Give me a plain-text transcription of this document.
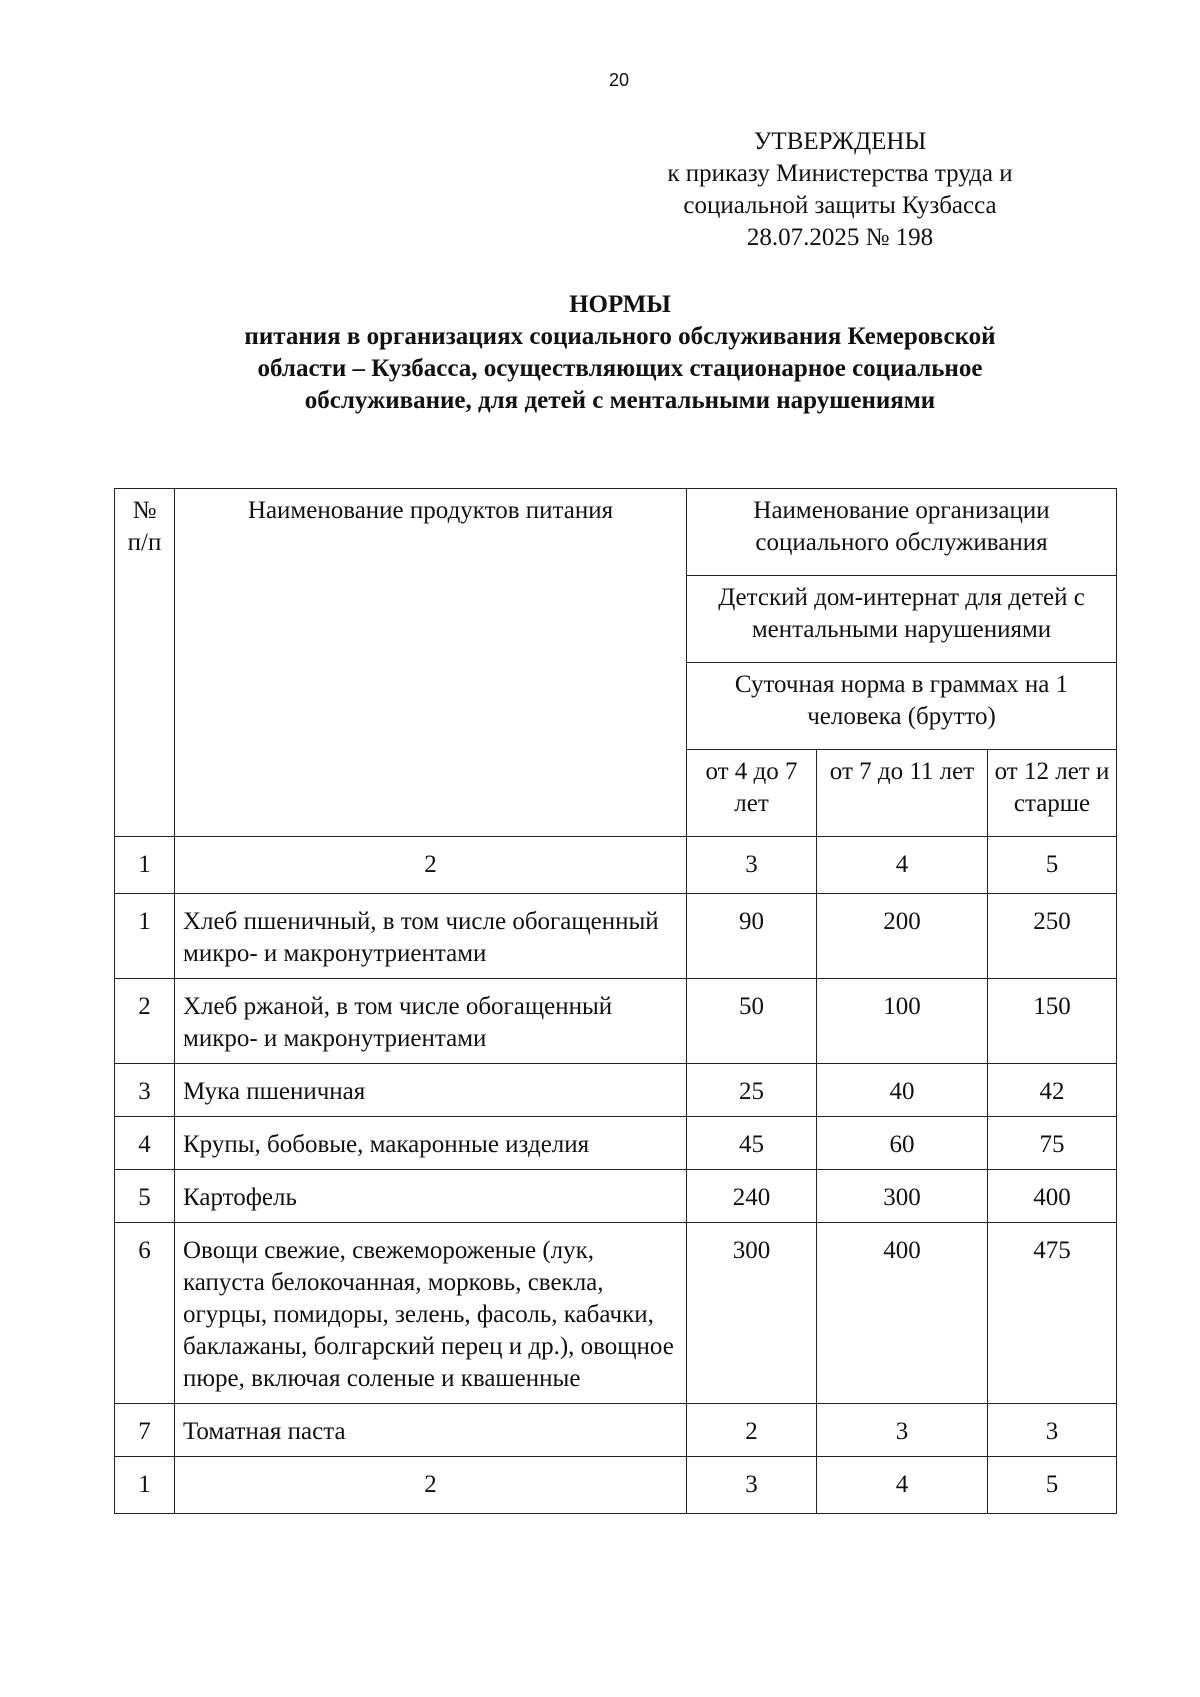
20
УТВЕРЖДЕНЫ
к приказу Министерства труда и
социальной защиты Кузбасса
28.07.2025 № 198
НОРМЫ
питания в организациях социального обслуживания Кемеровской
области – Кузбасса, осуществляющих стационарное социальное
обслуживание, для детей с ментальными нарушениями
№ п/п	Наименование продуктов питания	Наименование организации социального обслуживания		
		Детский дом-интернат для детей с ментальными нарушениями		
		Суточная норма в граммах на 1 человека (брутто)		
		от 4 до 7 лет	от 7 до 11 лет	от 12 лет и старше
1	2	3	4	5
1	Хлеб пшеничный, в том числе обогащенный микро- и макронутриентами	90	200	250
2	Хлеб ржаной, в том числе обогащенный микро- и макронутриентами	50	100	150
3	Мука пшеничная	25	40	42
4	Крупы, бобовые, макаронные изделия	45	60	75
5	Картофель	240	300	400
6	Овощи свежие, свежемороженые (лук, капуста белокочанная, морковь, свекла, огурцы, помидоры, зелень, фасоль, кабачки, баклажаны, болгарский перец и др.), овощное пюре, включая соленые и квашенные	300	400	475
7	Томатная паста	2	3	3
1	2	3	4	5
